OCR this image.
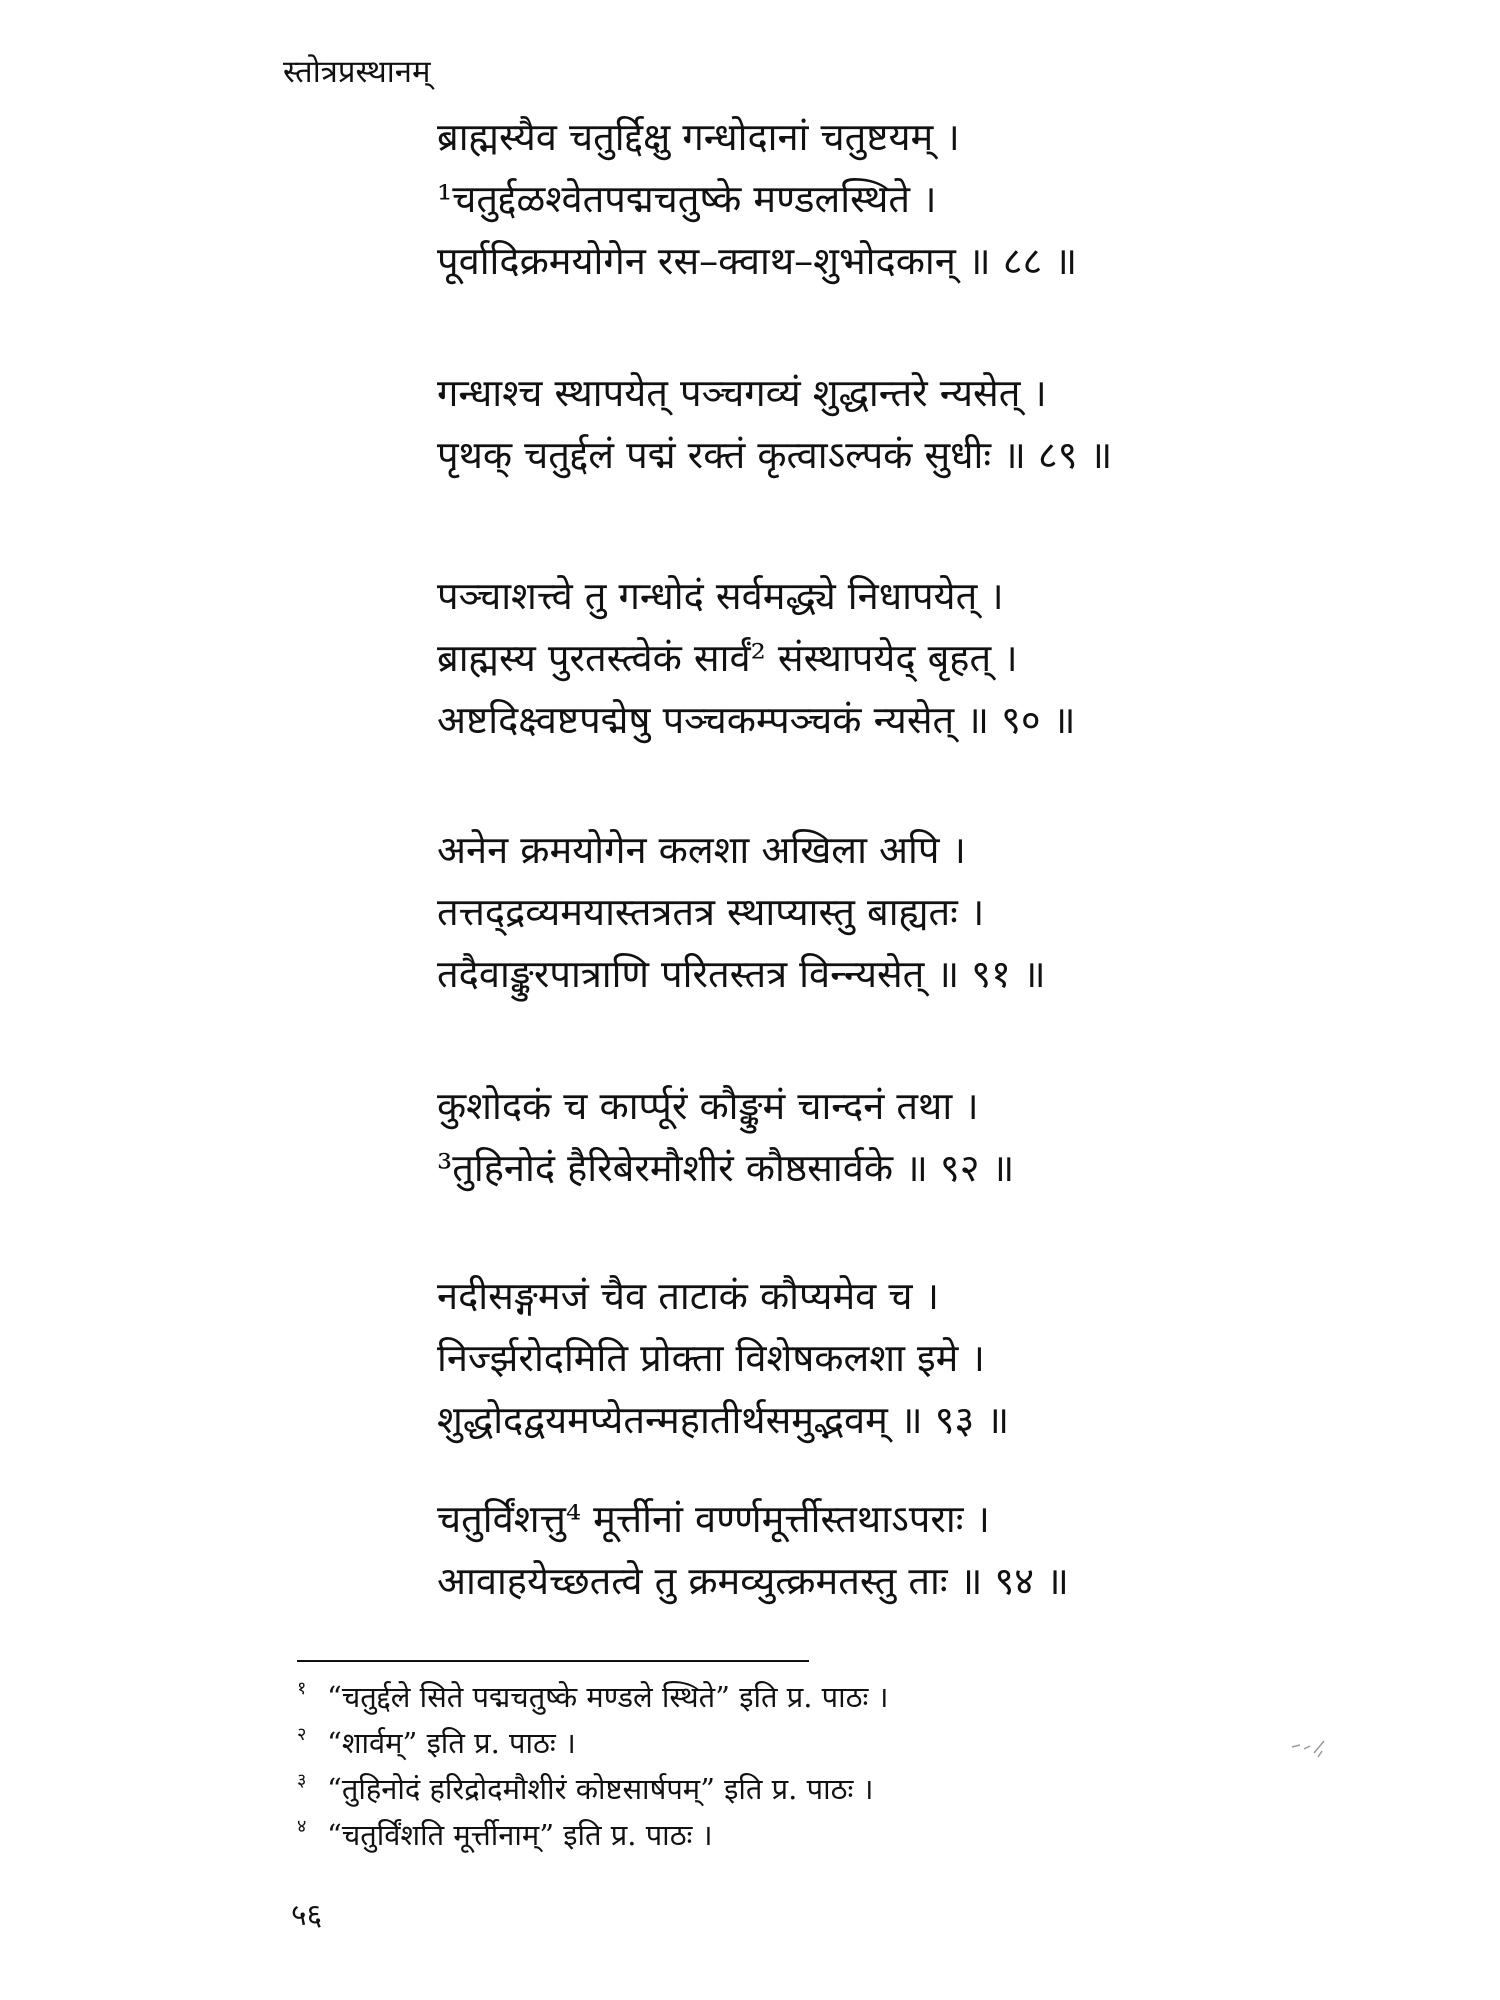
स्तोत्रप्रस्थानम्
ब्राह्मस्यैव चतुर्द्दिक्षु गन्धोदानां चतुष्टयम् ।
¹चतुर्द्दळश्वेतपद्मचतुष्के मण्डलस्थिते ।
पूर्वादिक्रमयोगेन रस–क्वाथ–शुभोदकान् ॥ ८८ ॥
गन्धाश्च स्थापयेत् पञ्चगव्यं शुद्धान्तरे न्यसेत् ।
पृथक् चतुर्द्दलं पद्मं रक्तं कृत्वाऽल्पकं सुधीः ॥ ८९ ॥
पञ्चाशत्त्वे तु गन्धोदं सर्वमद्ध्ये निधापयेत् ।
ब्राह्मस्य पुरतस्त्वेकं सार्वं² संस्थापयेद् बृहत् ।
अष्टदिक्ष्वष्टपद्मेषु पञ्चकम्पञ्चकं न्यसेत् ॥ ९० ॥
अनेन क्रमयोगेन कलशा अखिला अपि ।
तत्तद्द्रव्यमयास्तत्रतत्र स्थाप्यास्तु बाह्यतः ।
तदैवाङ्कुरपात्राणि परितस्तत्र विन्न्यसेत् ॥ ९१ ॥
कुशोदकं च कार्प्पूरं कौङ्कुमं चान्दनं तथा ।
³तुहिनोदं हैरिबेरमौशीरं कौष्ठसार्वके ॥ ९२ ॥
नदीसङ्गमजं चैव ताटाकं कौप्यमेव च ।
निर्ज्झरोदमिति प्रोक्ता विशेषकलशा इमे ।
शुद्धोदद्वयमप्येतन्महातीर्थसमुद्भवम् ॥ ९३ ॥
चतुर्विंशत्तु⁴ मूर्त्तीनां वर्ण्णमूर्त्तीस्तथाऽपराः ।
आवाहयेच्छतत्वे तु क्रमव्युत्क्रमतस्तु ताः ॥ ९४ ॥
१ “चतुर्द्दले सिते पद्मचतुष्के मण्डले स्थिते” इति प्र. पाठः ।
२ “शार्वम्” इति प्र. पाठः ।
३ “तुहिनोदं हरिद्रोदमौशीरं कोष्टसार्षपम्” इति प्र. पाठः ।
४ “चतुर्विंशति मूर्त्तीनाम्” इति प्र. पाठः ।
५६
